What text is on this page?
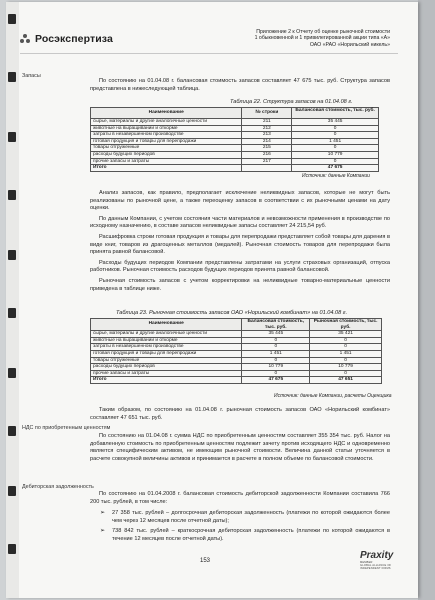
Росэкспертиза
Приложение 2 к Отчету об оценке рыночной стоимости
1 обыкновенной и 1 привилегированной акции типа «А»
ОАО «РАО «Норильский никель»
Запасы

По состоянию на 01.04.08 г. балансовая стоимость запасов составляет 47 675 тыс. руб. Структура запасов представлена в нижеследующей таблица.

Таблица 22. Структура запасов на 01.04.08 г.
Наименование	№ строки	Балансовая стоимость, тыс. руб.
сырье, материалы и другие аналогичные ценности	211	35 445
животные на выращивании и откорме	212	0
затраты в незавершенном производстве	213	0
готовая продукция и товары для перепродажи	214	1 451
товары отгруженные	215	0
расходы будущих периодов	216	10 779
прочие запасы и затраты	217	0
Итого		47 675
Источник: данные Компании

Анализ запасов, как правило, предполагает исключение неликвидных запасов, которые не могут быть реализованы по рыночной цене, а также переоценку запасов в соответствии с их рыночными ценами на дату оценки.

По данным Компании, с учетом состояния части материалов и невозможности применения в производстве по исходному назначению, в составе запасов неликвидные запасы составляет 24 215,54 руб.

Расшифровка строки готовая продукция и товары для перепродажи представляет собой товары для дарения в виде книг, товаров из драгоценных металлов (медалей). Рыночная стоимость товаров для перепродажи была принята равной балансовой.

Расходы будущих периодов Компании представлены затратами на услуги страховых организаций, отпуска работников. Рыночная стоимость расходов будущих периодов принята равной балансовой.

Рыночная стоимость запасов с учетом корректировки на неликвидные товарно-материальные ценности приведена в таблице ниже.

Таблица 23. Рыночная стоимость запасов ОАО «Норильский комбинат» на 01.04.08 г.
Наименование	Балансовая стоимость, тыс. руб.	Рыночная стоимость, тыс. руб.
сырье, материалы и другие аналогичные ценности	35 445	35 421
животные на выращивании и откорме	0	0
затраты в незавершенном производстве	0	0
готовая продукция и товары для перепродажи	1 451	1 451
товары отгруженные	0	0
расходы будущих периодов	10 779	10 779
прочие запасы и затраты	0	0
Итого	47 675	47 651
Источник: данные Компании, расчеты Оценщика

Таким образом, по состоянию на 01.04.08 г. рыночная стоимость запасов ОАО «Норильский комбинат» составляет 47 651 тыс. руб.

НДС по приобретенным ценностям

По состоянию на 01.04.08 г. сумма НДС по приобретенным ценностям составляет 355 354 тыс. руб. Налог на добавленную стоимость по приобретенным ценностям подлежит зачету против исходящего НДС и одновременно является специфическим активом, не имеющим рыночной стоимости. Величина данной статьи уточняется в расчете совокупной величины активов и принимается в расчете в полном объеме по балансовой стоимости.

Дебиторская задолженность

По состоянию на 01.04.2008 г. балансовая стоимость дебиторской задолженности Компании составила 766 200 тыс. рублей, в том числе:

➢ 27 358 тыс. рублей – долгосрочная дебиторская задолженность (платежи по которой ожидаются более чем через 12 месяцев после отчетной даты);
➢ 738 842 тыс. рублей – краткосрочная дебиторская задолженность (платежи по которой ожидаются в течение 12 месяцев после отчетной даты).
153	Praxity
MEMBER
GLOBAL ALLIANCE OF
INDEPENDENT FIRMS
